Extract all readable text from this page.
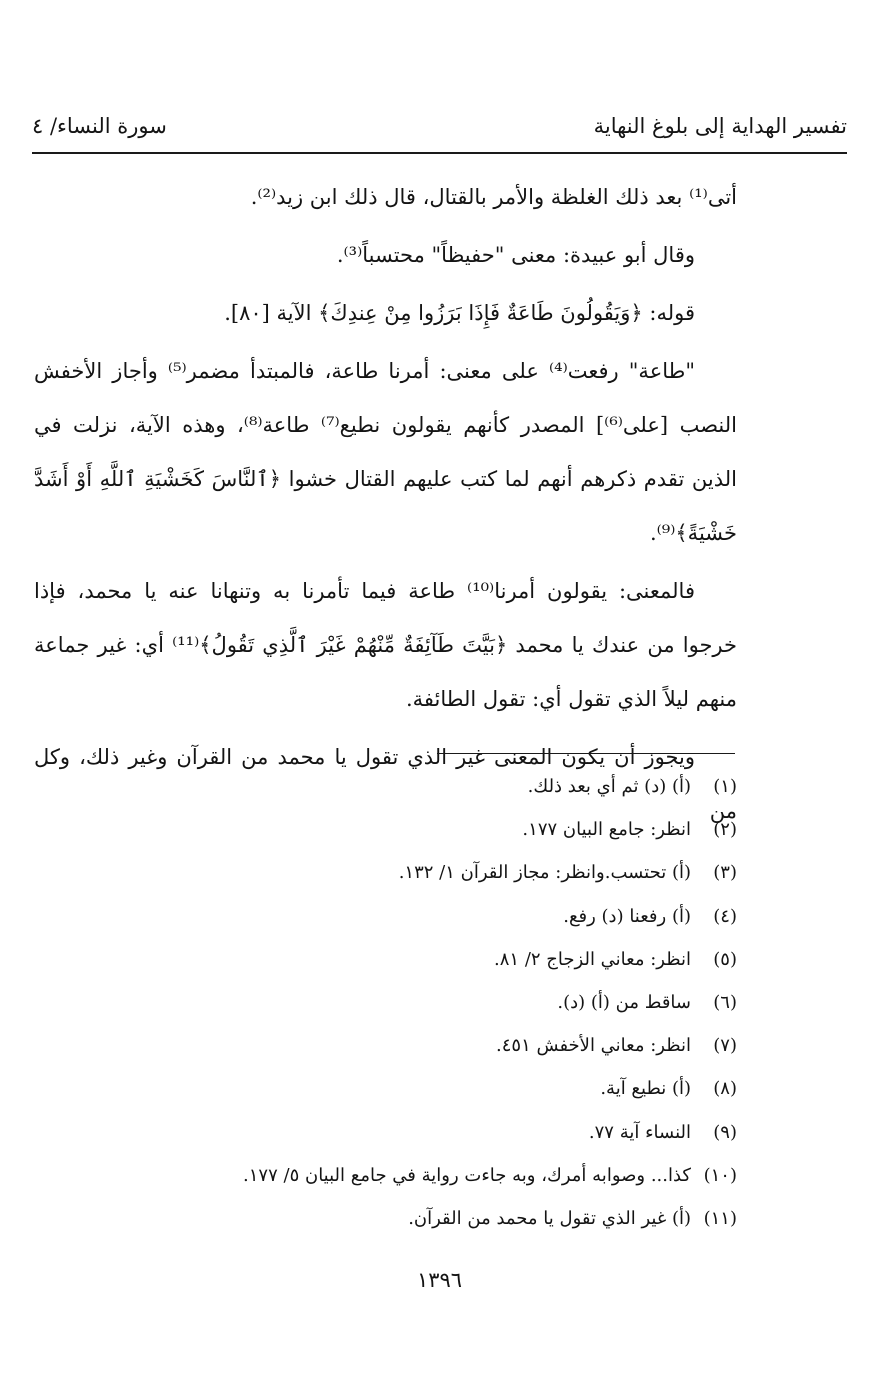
تفسير الهداية إلى بلوغ النهاية
سورة النساء/ ٤

أتى⁽¹⁾ بعد ذلك الغلظة والأمر بالقتال، قال ذلك ابن زيد⁽²⁾.

وقال أبو عبيدة: معنى "حفيظاً" محتسباً⁽³⁾.

قوله: ﴿وَيَقُولُونَ طَاعَةٌ فَإِذَا بَرَزُوا مِنْ عِندِكَ﴾ الآية [٨٠].

"طاعة" رفعت⁽⁴⁾ على معنى: أمرنا طاعة، فالمبتدأ مضمر⁽⁵⁾ وأجاز الأخفش النصب [على⁽⁶⁾] المصدر كأنهم يقولون نطيع⁽⁷⁾ طاعة⁽⁸⁾، وهذه الآية، نزلت في الذين تقدم ذكرهم أنهم لما كتب عليهم القتال خشوا ﴿ٱلنَّاسَ كَخَشْيَةِ ٱللَّهِ أَوْ أَشَدَّ خَشْيَةً﴾⁽⁹⁾.

فالمعنى: يقولون أمرنا⁽¹⁰⁾ طاعة فيما تأمرنا به وتنهانا عنه يا محمد، فإذا خرجوا من عندك يا محمد ﴿بَيَّتَ طَآئِفَةٌ مِّنْهُمْ غَيْرَ ٱلَّذِي تَقُولُ﴾⁽¹¹⁾ أي: غير جماعة منهم ليلاً الذي تقول أي: تقول الطائفة.

ويجوز أن يكون المعنى غير الذي تقول يا محمد من القرآن وغير ذلك، وكل من

(١)
(أ) (د) ثم أي بعد ذلك.
(٢)
انظر: جامع البيان ١٧٧.
(٣)
(أ) تحتسب.وانظر: مجاز القرآن ١/ ١٣٢.
(٤)
(أ) رفعنا (د) رفع.
(٥)
انظر: معاني الزجاج ٢/ ٨١.
(٦)
ساقط من (أ) (د).
(٧)
انظر: معاني الأخفش ٤٥١.
(٨)
(أ) نطيع آية.
(٩)
النساء آية ٧٧.
(١٠)
كذا... وصوابه أمرك، وبه جاءت رواية في جامع البيان ٥/ ١٧٧.
(١١)
(أ) غير الذي تقول يا محمد من القرآن.
١٣٩٦
